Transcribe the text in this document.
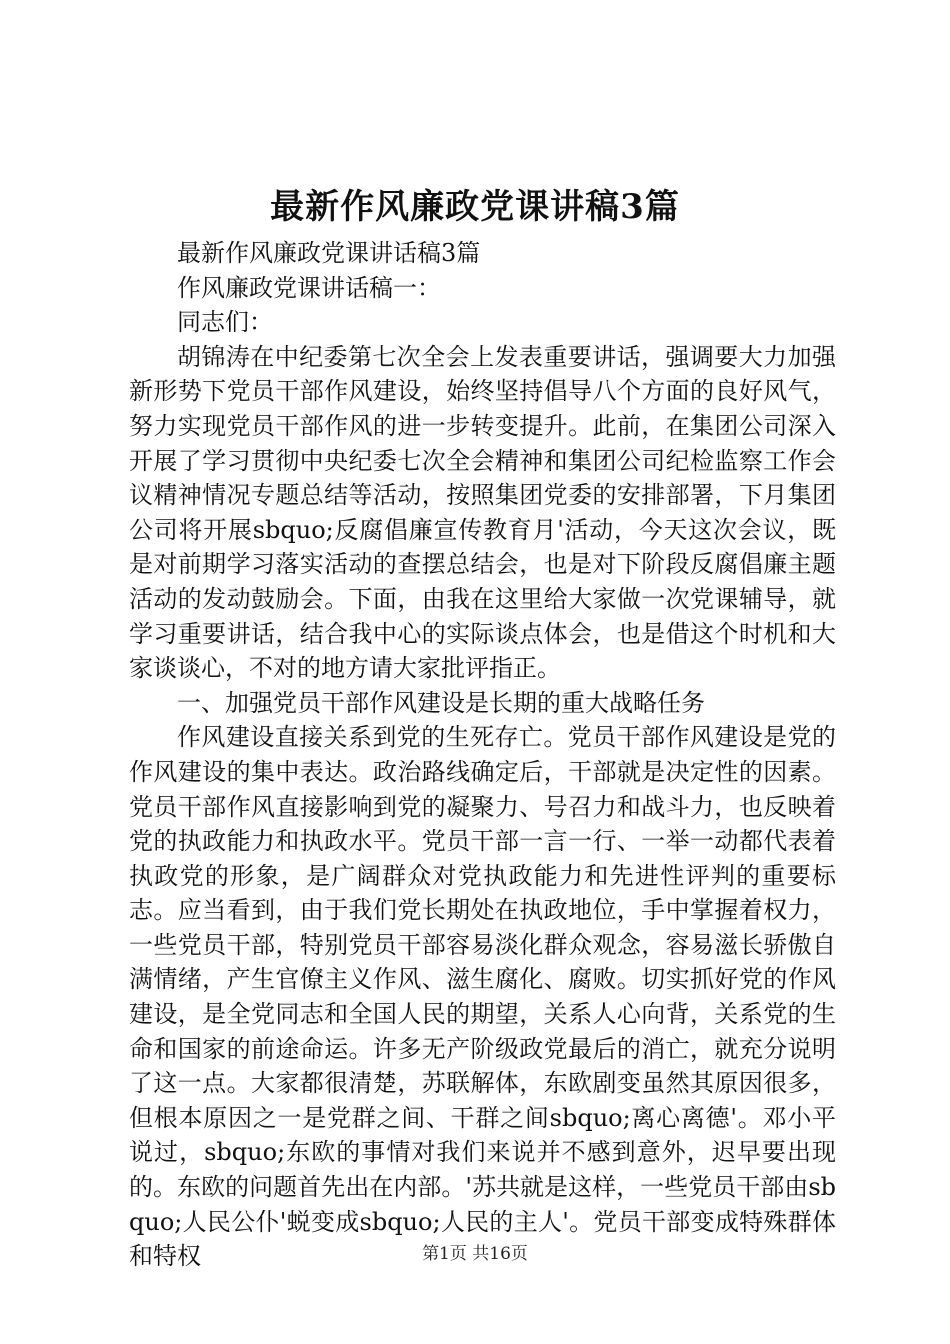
最新作风廉政党课讲稿3篇

最新作风廉政党课讲话稿3篇

作风廉政党课讲话稿一：

同志们：

胡锦涛在中纪委第七次全会上发表重要讲话，强调要大力加强新形势下党员干部作风建设，始终坚持倡导八个方面的良好风气，努力实现党员干部作风的进一步转变提升。此前，在集团公司深入开展了学习贯彻中央纪委七次全会精神和集团公司纪检监察工作会议精神情况专题总结等活动，按照集团党委的安排部署，下月集团公司将开展sbquo;反腐倡廉宣传教育月'活动，今天这次会议，既是对前期学习落实活动的查摆总结会，也是对下阶段反腐倡廉主题活动的发动鼓励会。下面，由我在这里给大家做一次党课辅导，就学习重要讲话，结合我中心的实际谈点体会，也是借这个时机和大家谈谈心，不对的地方请大家批评指正。

一、加强党员干部作风建设是长期的重大战略任务

作风建设直接关系到党的生死存亡。党员干部作风建设是党的作风建设的集中表达。政治路线确定后，干部就是决定性的因素。党员干部作风直接影响到党的凝聚力、号召力和战斗力，也反映着党的执政能力和执政水平。党员干部一言一行、一举一动都代表着执政党的形象，是广阔群众对党执政能力和先进性评判的重要标志。应当看到，由于我们党长期处在执政地位，手中掌握着权力，一些党员干部，特别党员干部容易淡化群众观念，容易滋长骄傲自满情绪，产生官僚主义作风、滋生腐化、腐败。切实抓好党的作风建设，是全党同志和全国人民的期望，关系人心向背，关系党的生命和国家的前途命运。许多无产阶级政党最后的消亡，就充分说明了这一点。大家都很清楚，苏联解体，东欧剧变虽然其原因很多，但根本原因之一是党群之间、干群之间sbquo;离心离德'。邓小平说过，sbquo;东欧的事情对我们来说并不感到意外，迟早要出现的。东欧的问题首先出在内部。'苏共就是这样，一些党员干部由sbquo;人民公仆'蜕变成sbquo;人民的主人'。党员干部变成特殊群体和特权	第1页 共16页
